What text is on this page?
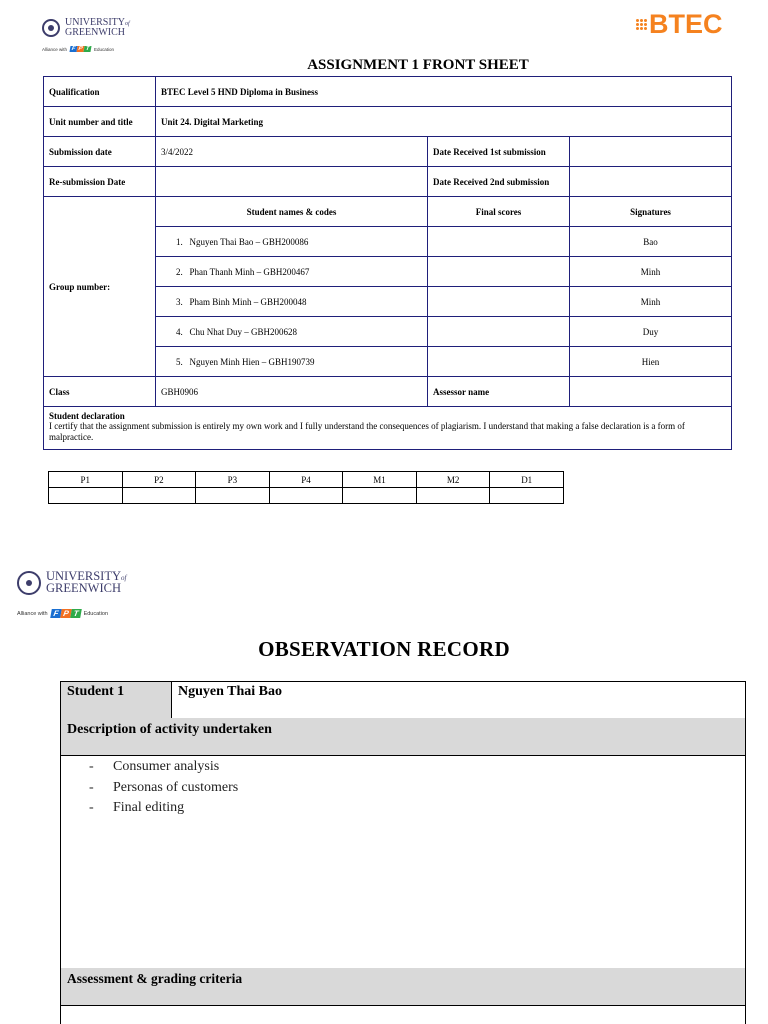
UNIVERSITYof
GREENWICH
Alliance with F P T Education
BTEC
ASSIGNMENT 1 FRONT SHEET
Qualification	BTEC Level 5 HND Diploma in Business		
Unit number and title	Unit 24. Digital Marketing		
Submission date	3/4/2022	Date Received 1st submission	
Re-submission Date		Date Received 2nd submission	
Group number:	Student names & codes	Final scores	Signatures
	1. Nguyen Thai Bao – GBH200086		Bao
	2. Phan Thanh Minh – GBH200467		Minh
	3. Pham Binh Minh – GBH200048		Minh
	4. Chu Nhat Duy – GBH200628		Duy
	5. Nguyen Minh Hien – GBH190739		Hien
Class	GBH0906	Assessor name	

Student declaration
I certify that the assignment submission is entirely my own work and I fully understand the consequences of plagiarism. I understand that making a false declaration is a form of malpractice.			
P1	P2	P3	P4	M1	M2	D1

UNIVERSITYof
GREENWICH
Alliance with F P T Education
OBSERVATION RECORD
Student 1	Nguyen Thai Bao
Description of activity undertaken
-	Consumer analysis
-	Personas of customers
-	Final editing
Assessment & grading criteria
